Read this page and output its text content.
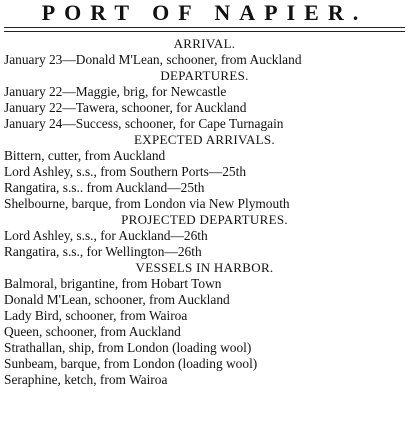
PORT OF NAPIER.
ARRIVAL.
January 23—Donald M'Lean, schooner, from Auckland
DEPARTURES.
January 22—Maggie, brig, for Newcastle
January 22—Tawera, schooner, for Auckland
January 24—Success, schooner, for Cape Turnagain
EXPECTED ARRIVALS.
Bittern, cutter, from Auckland
Lord Ashley, s.s., from Southern Ports—25th
Rangatira, s.s.. from Auckland—25th
Shelbourne, barque, from London via New Plymouth
PROJECTED DEPARTURES.
Lord Ashley, s.s., for Auckland—26th
Rangatira, s.s., for Wellington—26th
VESSELS IN HARBOR.
Balmoral, brigantine, from Hobart Town
Donald M'Lean, schooner, from Auckland
Lady Bird, schooner, from Wairoa
Queen, schooner, from Auckland
Strathallan, ship, from London (loading wool)
Sunbeam, barque, from London (loading wool)
Seraphine, ketch, from Wairoa
